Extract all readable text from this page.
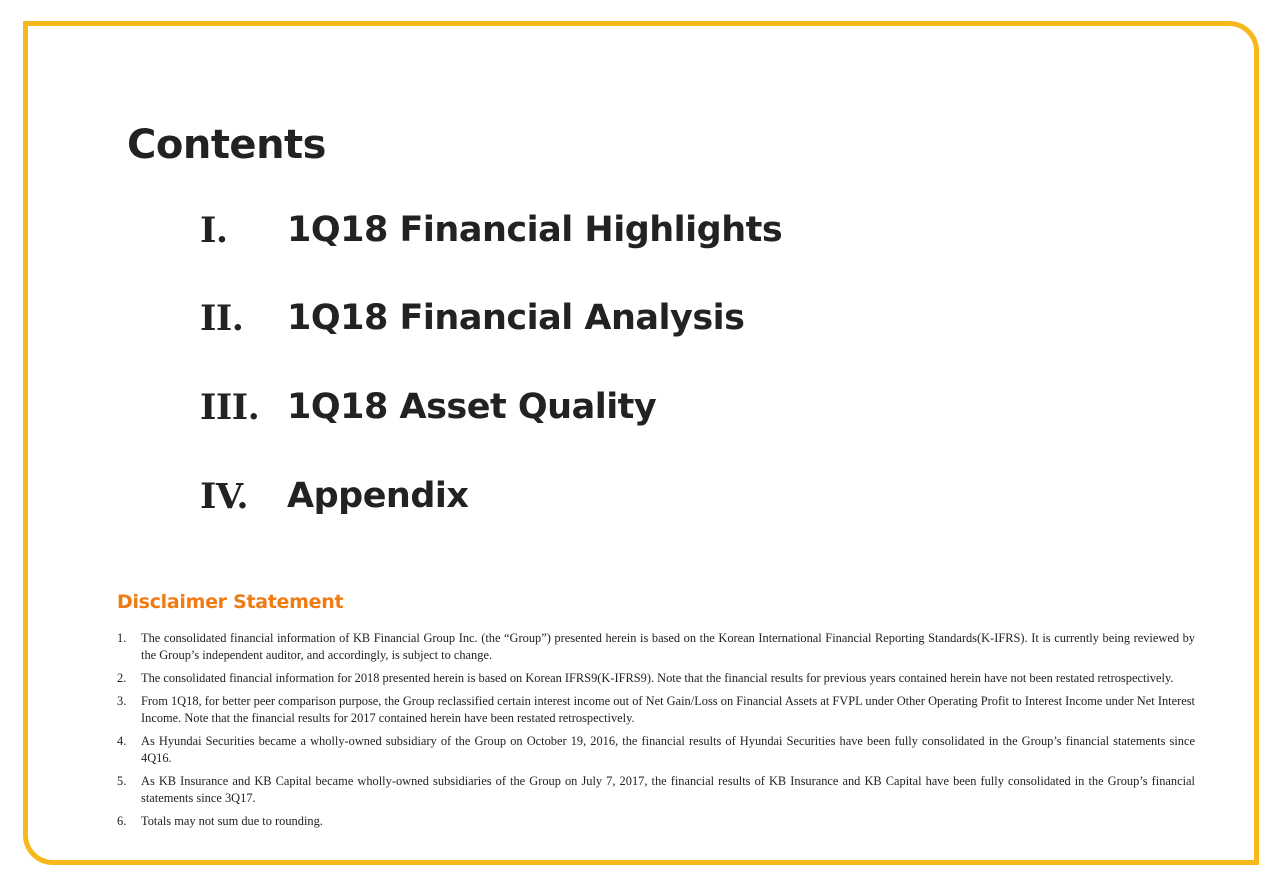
Contents
I. 1Q18 Financial Highlights
II. 1Q18 Financial Analysis
III. 1Q18 Asset Quality
IV. Appendix
Disclaimer Statement
1. The consolidated financial information of KB Financial Group Inc. (the “Group”) presented herein is based on the Korean International Financial Reporting Standards(K-IFRS). It is currently being reviewed by the Group’s independent auditor, and accordingly, is subject to change.
2. The consolidated financial information for 2018 presented herein is based on Korean IFRS9(K-IFRS9). Note that the financial results for previous years contained herein have not been restated retrospectively.
3. From 1Q18, for better peer comparison purpose, the Group reclassified certain interest income out of Net Gain/Loss on Financial Assets at FVPL under Other Operating Profit to Interest Income under Net Interest Income. Note that the financial results for 2017 contained herein have been restated retrospectively.
4. As Hyundai Securities became a wholly-owned subsidiary of the Group on October 19, 2016, the financial results of Hyundai Securities have been fully consolidated in the Group’s financial statements since 4Q16.
5. As KB Insurance and KB Capital became wholly-owned subsidiaries of the Group on July 7, 2017, the financial results of KB Insurance and KB Capital have been fully consolidated in the Group’s financial statements since 3Q17.
6. Totals may not sum due to rounding.
